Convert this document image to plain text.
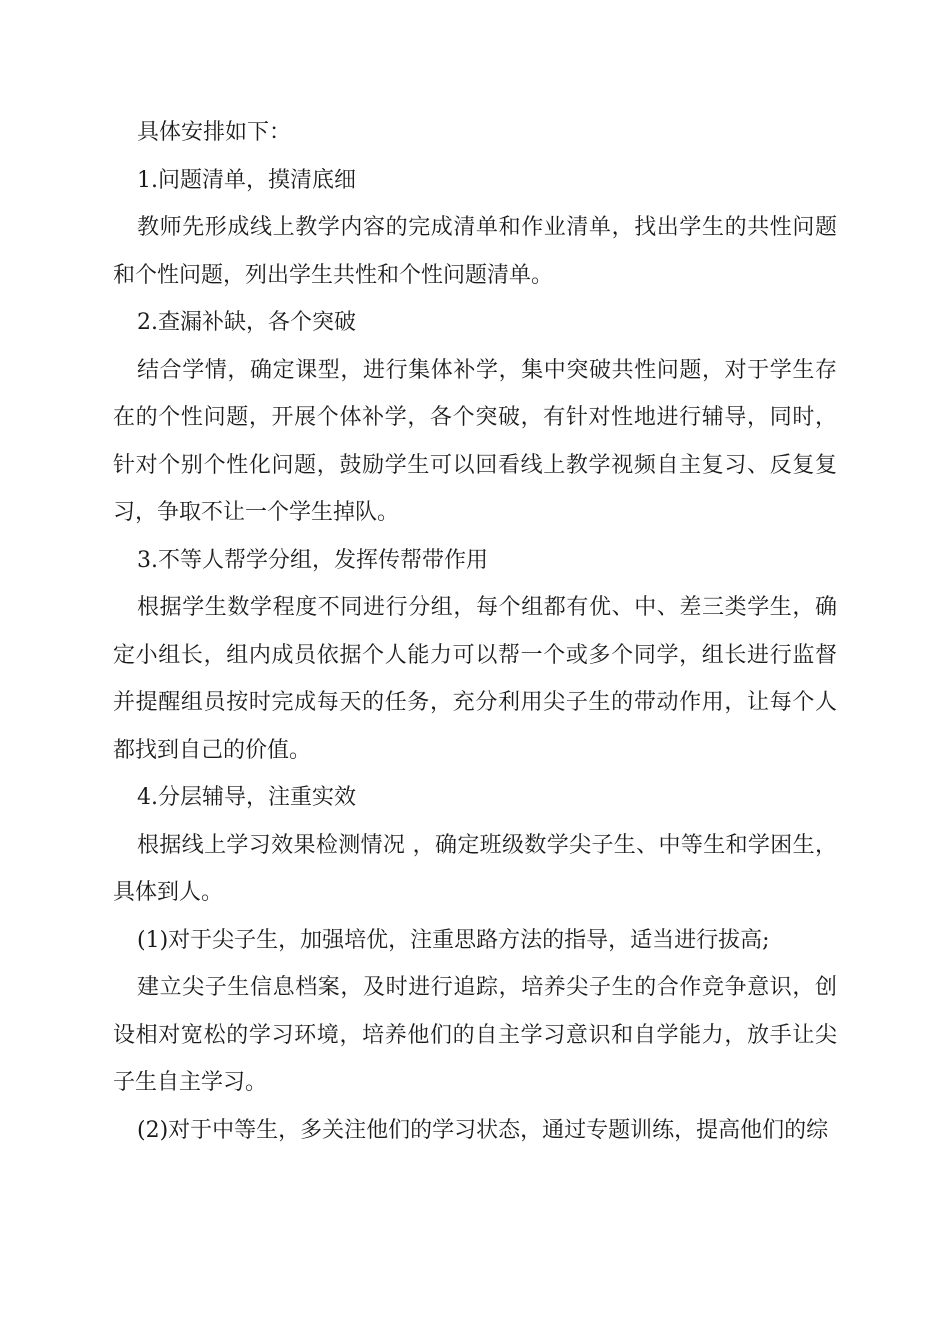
具体安排如下：

1.问题清单，摸清底细

教师先形成线上教学内容的完成清单和作业清单，找出学生的共性问题和个性问题，列出学生共性和个性问题清单。

2.查漏补缺，各个突破

结合学情，确定课型，进行集体补学，集中突破共性问题，对于学生存在的个性问题，开展个体补学，各个突破，有针对性地进行辅导，同时，针对个别个性化问题，鼓励学生可以回看线上教学视频自主复习、反复复习，争取不让一个学生掉队。

3.不等人帮学分组，发挥传帮带作用

根据学生数学程度不同进行分组，每个组都有优、中、差三类学生，确定小组长，组内成员依据个人能力可以帮一个或多个同学，组长进行监督并提醒组员按时完成每天的任务，充分利用尖子生的带动作用，让每个人都找到自己的价值。

4.分层辅导，注重实效

根据线上学习效果检测情况 ，确定班级数学尖子生、中等生和学困生，具体到人。

(1)对于尖子生，加强培优，注重思路方法的指导，适当进行拔高;

建立尖子生信息档案，及时进行追踪，培养尖子生的合作竞争意识，创设相对宽松的学习环境，培养他们的自主学习意识和自学能力，放手让尖子生自主学习。

(2)对于中等生，多关注他们的学习状态，通过专题训练，提高他们的综
